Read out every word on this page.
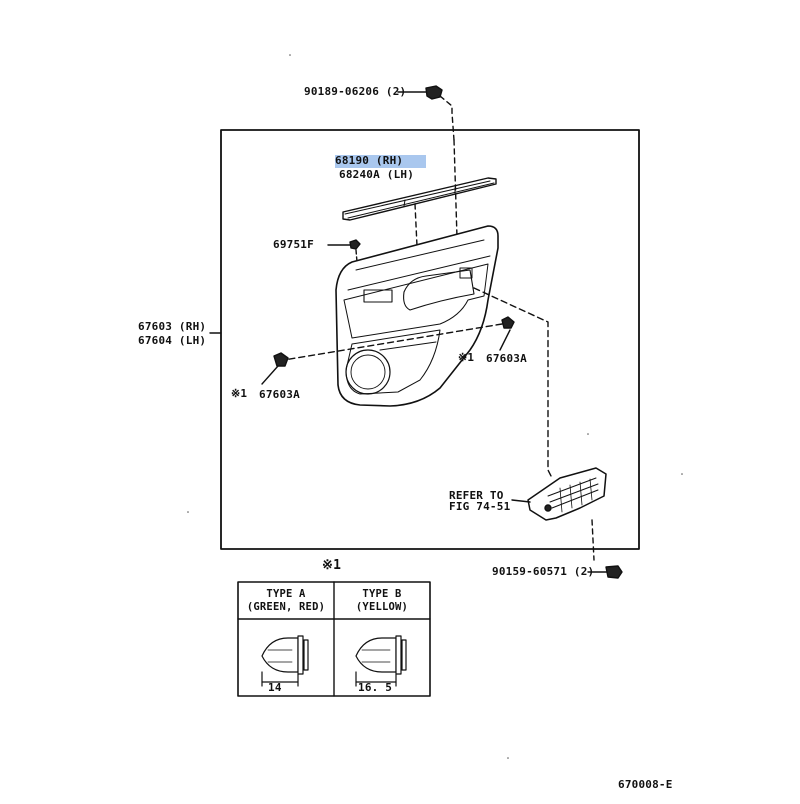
90189-06206 (2)
68190 (RH)
68240A (LH)
69751F
67603 (RH)
67604 (LH)
※1 67603A
※1 67603A
REFER TO
FIG 74-51
90159-60571 (2)
※1
TYPE A
(GREEN, RED)
TYPE B
(YELLOW)
14	16. 5
670008-E
